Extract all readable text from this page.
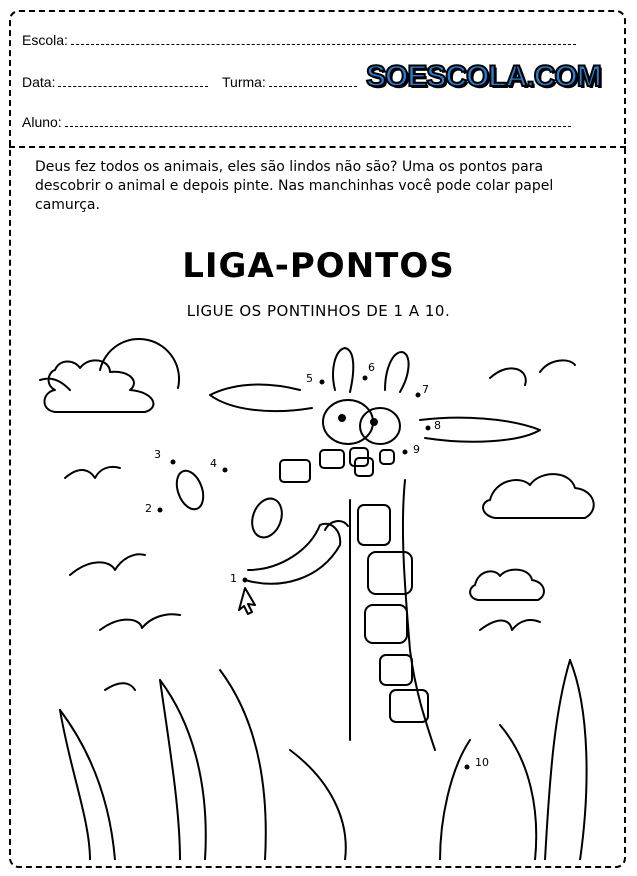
Escola:
Data:	Turma:	SOESCOLA.COM
Aluno:
Deus fez todos os animais, eles são lindos não são? Uma os pontos para descobrir o animal e depois pinte. Nas manchinhas você pode colar papel camurça.
LIGA-PONTOS
LIGUE OS PONTINHOS DE 1 A 10.
1
2
3
4
5
6
7
8
9
10
